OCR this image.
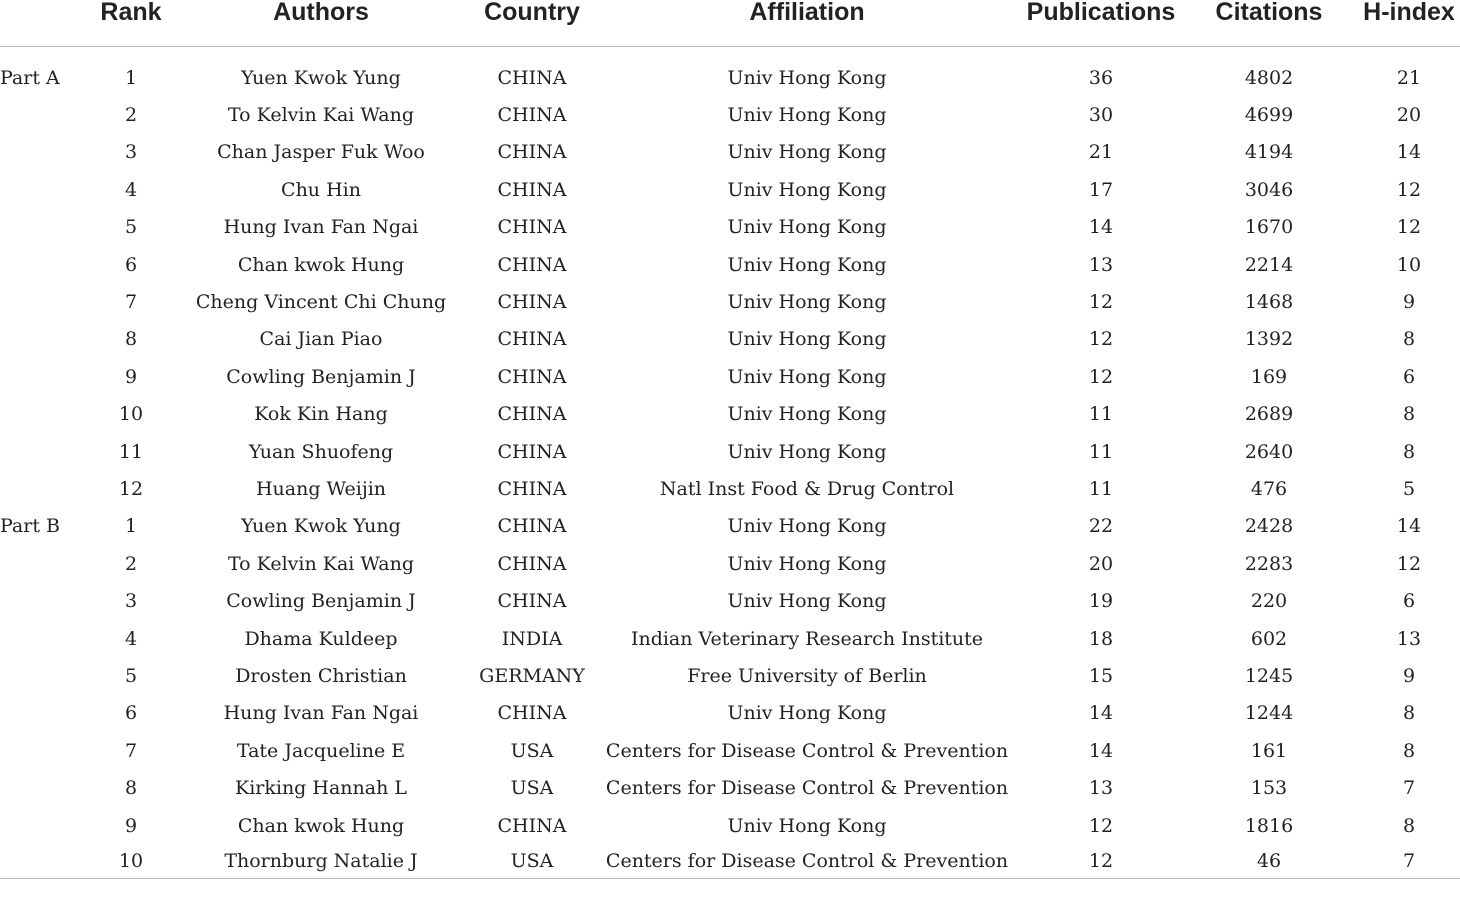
	Rank	Authors	Country	Affiliation	Publications	Citations	H-index
Part A	1	Yuen Kwok Yung	CHINA	Univ Hong Kong	36	4802	21
	2	To Kelvin Kai Wang	CHINA	Univ Hong Kong	30	4699	20
	3	Chan Jasper Fuk Woo	CHINA	Univ Hong Kong	21	4194	14
	4	Chu Hin	CHINA	Univ Hong Kong	17	3046	12
	5	Hung Ivan Fan Ngai	CHINA	Univ Hong Kong	14	1670	12
	6	Chan kwok Hung	CHINA	Univ Hong Kong	13	2214	10
	7	Cheng Vincent Chi Chung	CHINA	Univ Hong Kong	12	1468	9
	8	Cai Jian Piao	CHINA	Univ Hong Kong	12	1392	8
	9	Cowling Benjamin J	CHINA	Univ Hong Kong	12	169	6
	10	Kok Kin Hang	CHINA	Univ Hong Kong	11	2689	8
	11	Yuan Shuofeng	CHINA	Univ Hong Kong	11	2640	8
	12	Huang Weijin	CHINA	Natl Inst Food & Drug Control	11	476	5
Part B	1	Yuen Kwok Yung	CHINA	Univ Hong Kong	22	2428	14
	2	To Kelvin Kai Wang	CHINA	Univ Hong Kong	20	2283	12
	3	Cowling Benjamin J	CHINA	Univ Hong Kong	19	220	6
	4	Dhama Kuldeep	INDIA	Indian Veterinary Research Institute	18	602	13
	5	Drosten Christian	GERMANY	Free University of Berlin	15	1245	9
	6	Hung Ivan Fan Ngai	CHINA	Univ Hong Kong	14	1244	8
	7	Tate Jacqueline E	USA	Centers for Disease Control & Prevention	14	161	8
	8	Kirking Hannah L	USA	Centers for Disease Control & Prevention	13	153	7
	9	Chan kwok Hung	CHINA	Univ Hong Kong	12	1816	8
	10	Thornburg Natalie J	USA	Centers for Disease Control & Prevention	12	46	7
